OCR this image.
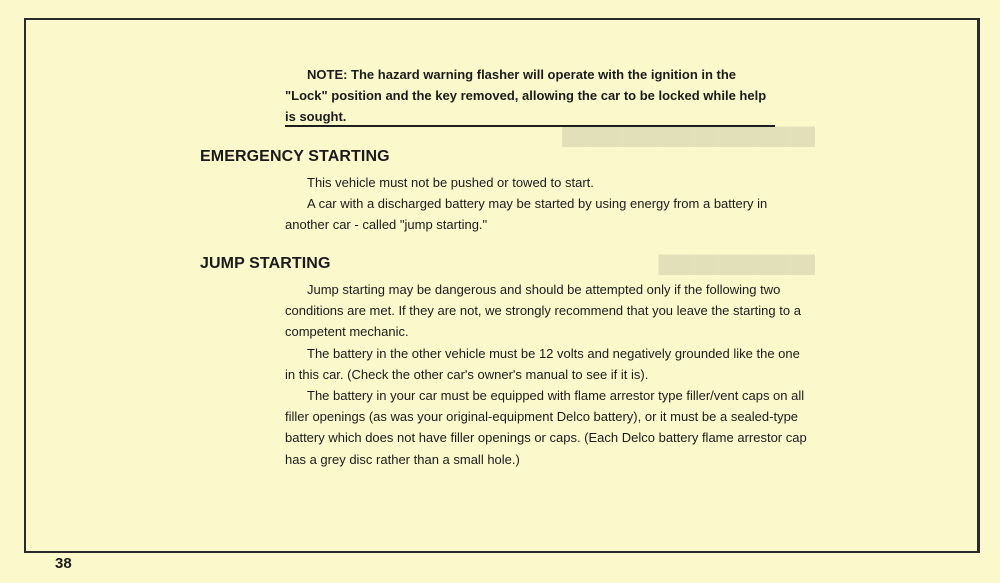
█████████████████████
█████████████

NOTE: The hazard warning flasher will operate with the ignition in the "Lock" position and the key removed, allowing the car to be locked while help is sought.

EMERGENCY STARTING

This vehicle must not be pushed or towed to start.

A car with a discharged battery may be started by using energy from a battery in another car - called "jump starting."

JUMP STARTING

Jump starting may be dangerous and should be attempted only if the following two conditions are met. If they are not, we strongly recommend that you leave the starting to a competent mechanic.

The battery in the other vehicle must be 12 volts and negatively grounded like the one in this car. (Check the other car's owner's manual to see if it is).

The battery in your car must be equipped with flame arrestor type filler/vent caps on all filler openings (as was your original-equipment Delco battery), or it must be a sealed-type battery which does not have filler openings or caps. (Each Delco battery flame arrestor cap has a grey disc rather than a small hole.)

38
